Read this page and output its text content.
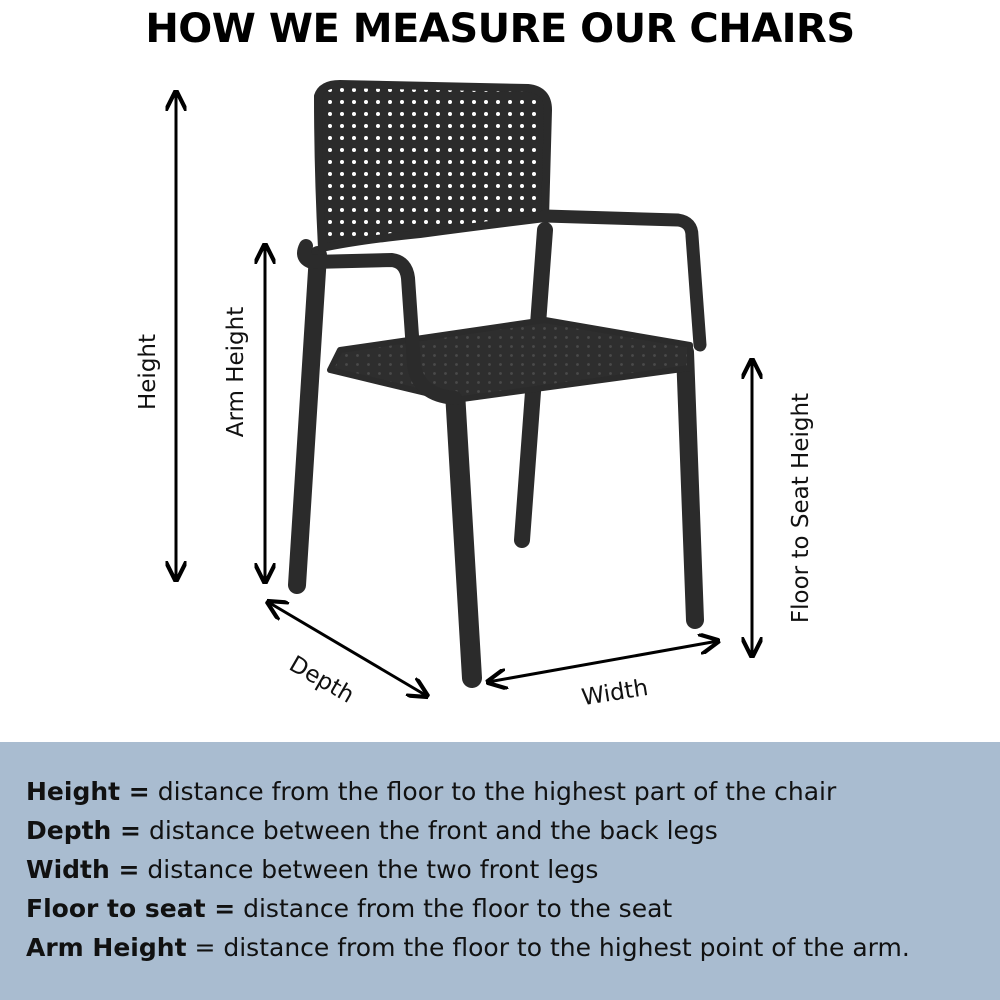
HOW WE MEASURE OUR CHAIRS
Height	Arm Height
Depth	Width
Floor to Seat Height
Height = distance from the floor to the highest part of the chair
Depth = distance between the front and the back legs
Width = distance between the two front legs
Floor to seat = distance from the floor to the seat
Arm Height = distance from the floor to the highest point of the arm.
